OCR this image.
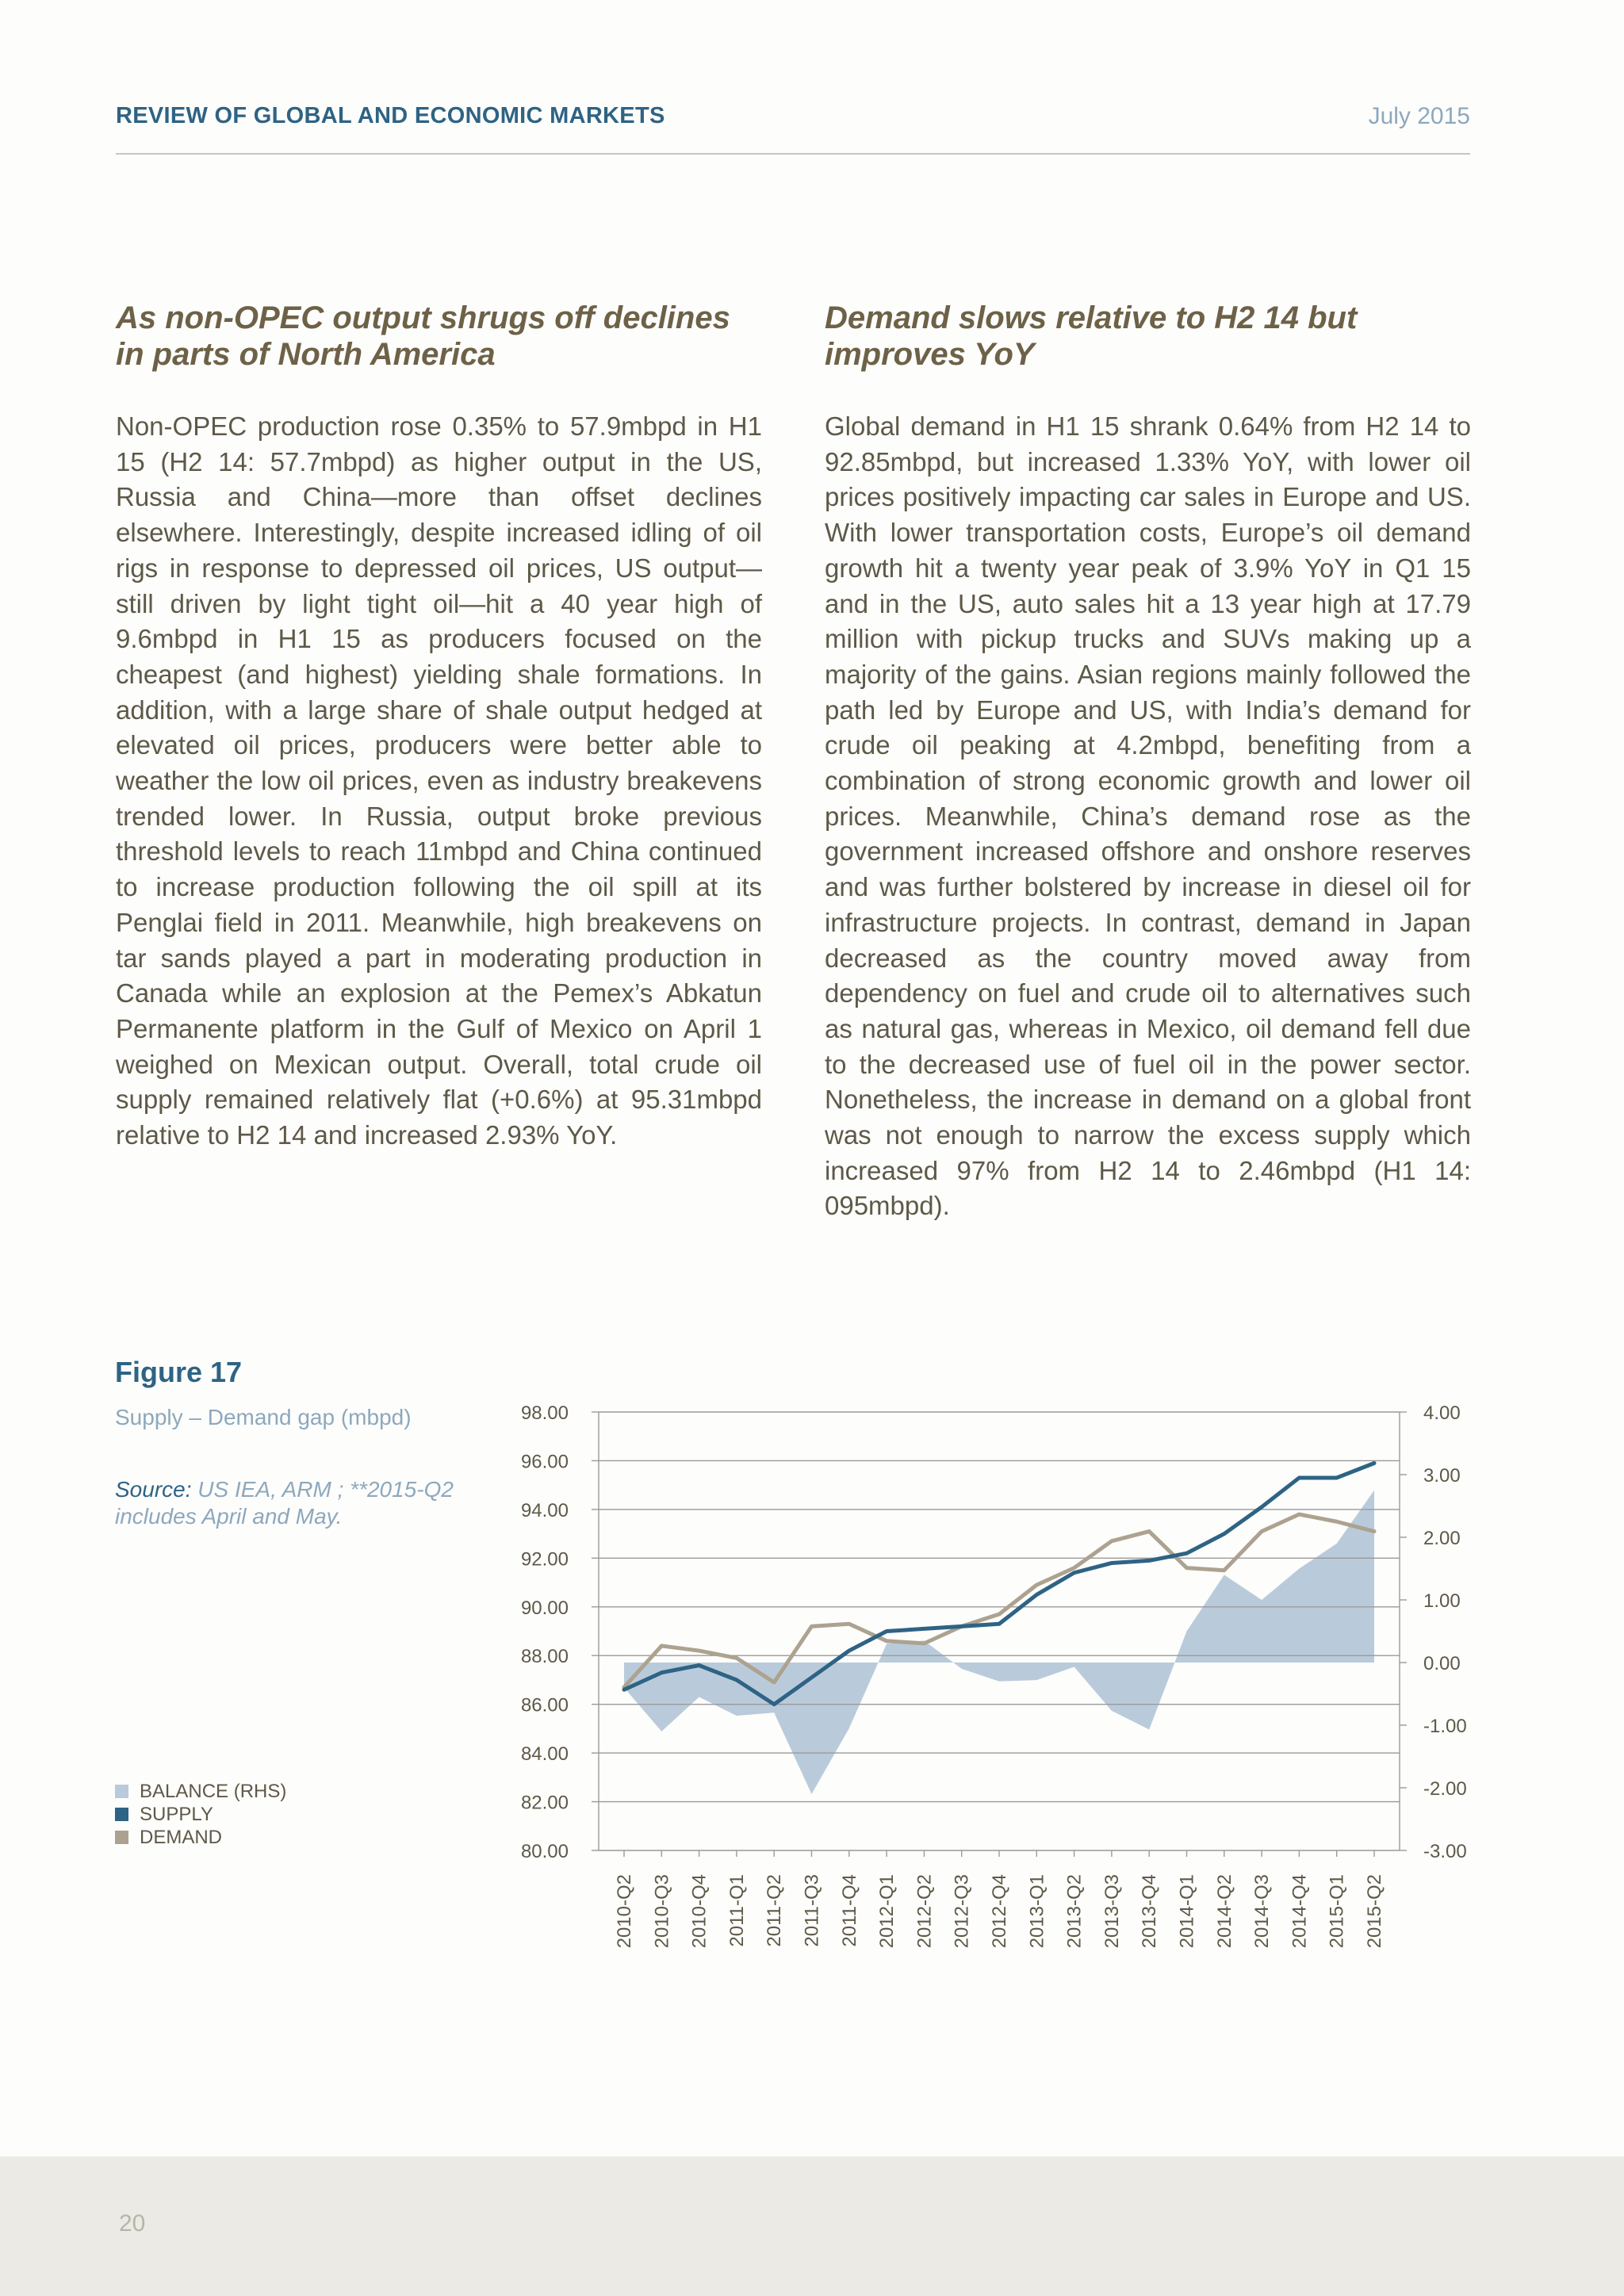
REVIEW OF GLOBAL AND ECONOMIC MARKETS	July 2015
As non-OPEC output shrugs off declines in parts of North America

Non-OPEC production rose 0.35% to 57.9mbpd in H1 15 (H2 14: 57.7mbpd) as higher output in the US, Russia and China—more than offset declines elsewhere. Interestingly, despite increased idling of oil rigs in response to depressed oil prices, US output—still driven by light tight oil—hit a 40 year high of 9.6mbpd in H1 15 as producers focused on the cheapest (and highest) yielding shale formations. In addition, with a large share of shale output hedged at elevated oil prices, producers were better able to weather the low oil prices, even as industry breakevens trended lower. In Russia, output broke previous threshold levels to reach 11mbpd and China continued to increase production following the oil spill at its Penglai field in 2011. Meanwhile, high breakevens on tar sands played a part in moderating production in Canada while an explosion at the Pemex’s Abkatun Permanente platform in the Gulf of Mexico on April 1 weighed on Mexican output. Overall, total crude oil supply remained relatively flat (+0.6%) at 95.31mbpd relative to H2 14 and increased 2.93% YoY.

Demand slows relative to H2 14 but improves YoY

Global demand in H1 15 shrank 0.64% from H2 14 to 92.85mbpd, but increased 1.33% YoY, with lower oil prices positively impacting car sales in Europe and US. With lower transportation costs, Europe’s oil demand growth hit a twenty year peak of 3.9% YoY in Q1 15 and in the US, auto sales hit a 13 year high at 17.79 million with pickup trucks and SUVs making up a majority of the gains. Asian regions mainly followed the path led by Europe and US, with India’s demand for crude oil peaking at 4.2mbpd, benefiting from a combination of strong economic growth and lower oil prices. Meanwhile, China’s demand rose as the government increased offshore and onshore reserves and was further bolstered by increase in diesel oil for infrastructure projects. In contrast, demand in Japan decreased as the country moved away from dependency on fuel and crude oil to alternatives such as natural gas, whereas in Mexico, oil demand fell due to the decreased use of fuel oil in the power sector. Nonetheless, the increase in demand on a global front was not enough to narrow the excess supply which increased 97% from H2 14 to 2.46mbpd (H1 14: 095mbpd).

Figure 17
Supply – Demand gap (mbpd)
Source: US IEA, ARM ; **2015-Q2 includes April and May.
BALANCE (RHS)
SUPPLY
DEMAND
80.00
82.00
84.00
86.00
88.00
90.00
92.00
94.00
96.00
98.00
-3.00
-2.00
-1.00
0.00
1.00
2.00
3.00
4.00
2010-Q2 2010-Q3 2010-Q4 2011-Q1 2011-Q2 2011-Q3 2011-Q4 2012-Q1 2012-Q2 2012-Q3 2012-Q4 2013-Q1 2013-Q2 2013-Q3 2013-Q4 2014-Q1 2014-Q2 2014-Q3 2014-Q4 2015-Q1 2015-Q2
20
